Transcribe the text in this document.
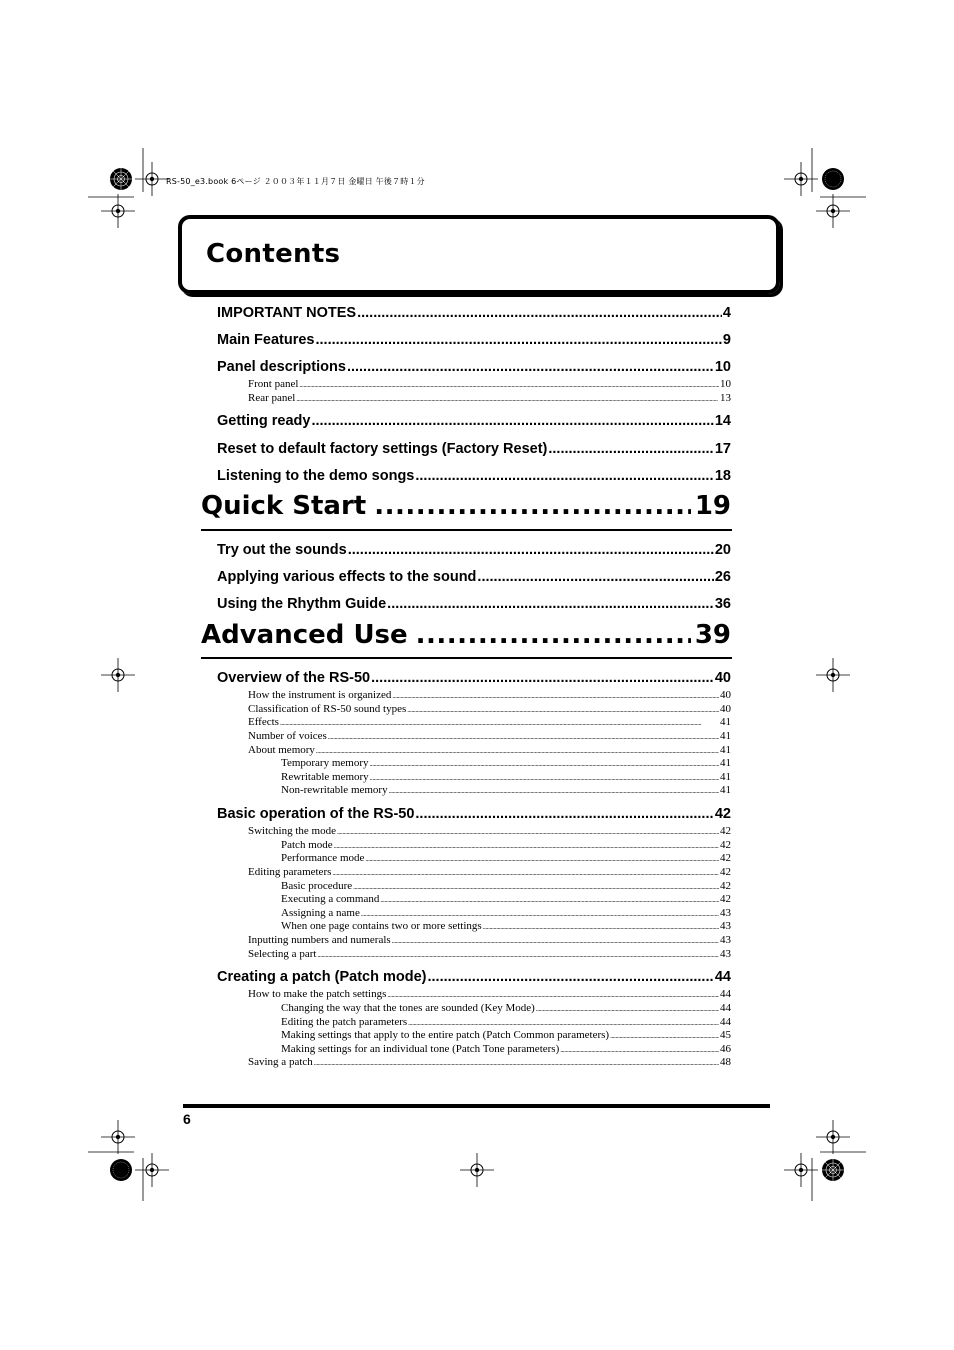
RS-50_e3.book 6ページ ２００３年１１月７日 金曜日 午後７時１分
Contents
IMPORTANT NOTES .....	4
Main Features .....	9
Panel descriptions .....	10
Front panel .....	10
Rear panel .....	13
Getting ready .....	14
Reset to default factory settings (Factory Reset) .....	17
Listening to the demo songs .....	18
Quick Start .....	19
Try out the sounds .....	20
Applying various effects to the sound .....	26
Using the Rhythm Guide .....	36
Advanced Use .....	39
Overview of the RS-50 .....	40
How the instrument is organized .....	40
Classification of RS-50 sound types .....	40
Effects .....	41
Number of voices .....	41
About memory .....	41
Temporary memory .....	41
Rewritable memory .....	41
Non-rewritable memory .....	41
Basic operation of the RS-50 .....	42
Switching the mode .....	42
Patch mode .....	42
Performance mode .....	42
Editing parameters .....	42
Basic procedure .....	42
Executing a command .....	42
Assigning a name .....	43
When one page contains two or more settings .....	43
Inputting numbers and numerals .....	43
Selecting a part .....	43
Creating a patch (Patch mode) .....	44
How to make the patch settings .....	44
Changing the way that the tones are sounded (Key Mode) .....	44
Editing the patch parameters .....	44
Making settings that apply to the entire patch (Patch Common parameters) .....	45
Making settings for an individual tone (Patch Tone parameters) .....	46
Saving a patch .....	48
6
